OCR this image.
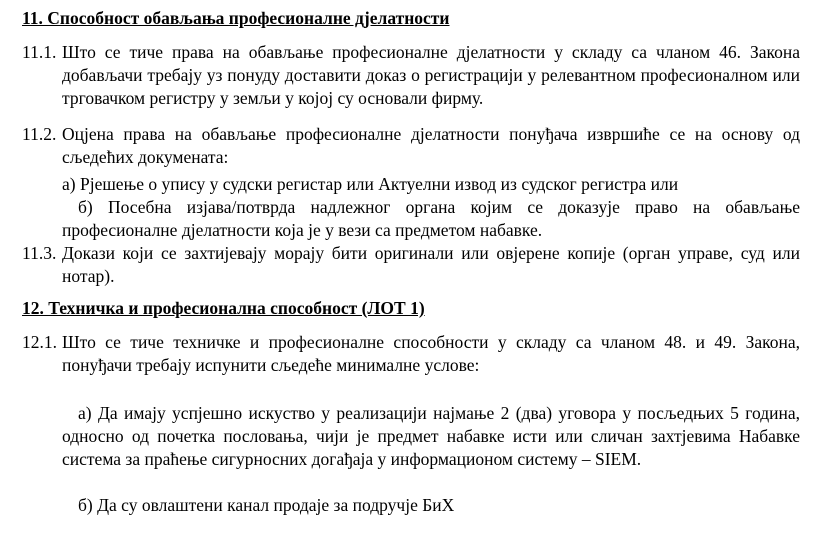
11. Способност обављања професионалне дјелатности
11.1. Што се тиче права на обављање професионалне дјелатности у складу са чланом 46. Закона добављачи требају уз понуду доставити доказ о регистрацији у релевантном професионалном или трговачком регистру у земљи у којој су основали фирму.
11.2. Оцјена права на обављање професионалне дјелатности понуђача извршиће се на основу од сљедећих докумената:
а) Рјешење о упису у судски регистар или Актуелни извод из судског регистра или
б) Посебна изјава/потврда надлежног органа којим се доказује право на обављање професионалне дјелатности која је у вези са предметом набавке.
11.3. Докази који се захтијевају морају бити оригинали или овјерене копије (орган управе, суд или нотар).
12. Техничка и професионална способност (ЛОТ 1)
12.1. Што се тиче техничке и професионалне способности у складу са чланом 48. и 49. Закона, понуђачи требају испунити сљедеће минималне услове:
а) Да имају успјешно искуство у реализацији најмање 2 (два) уговора у посљедњих 5 година, односно од почетка пословања, чији је предмет набавке исти или сличан захтјевима Набавке система за праћење сигурносних догађаја у информационом систему – SIEM.
б) Да су овлаштени канал продаје за подручје БиХ
